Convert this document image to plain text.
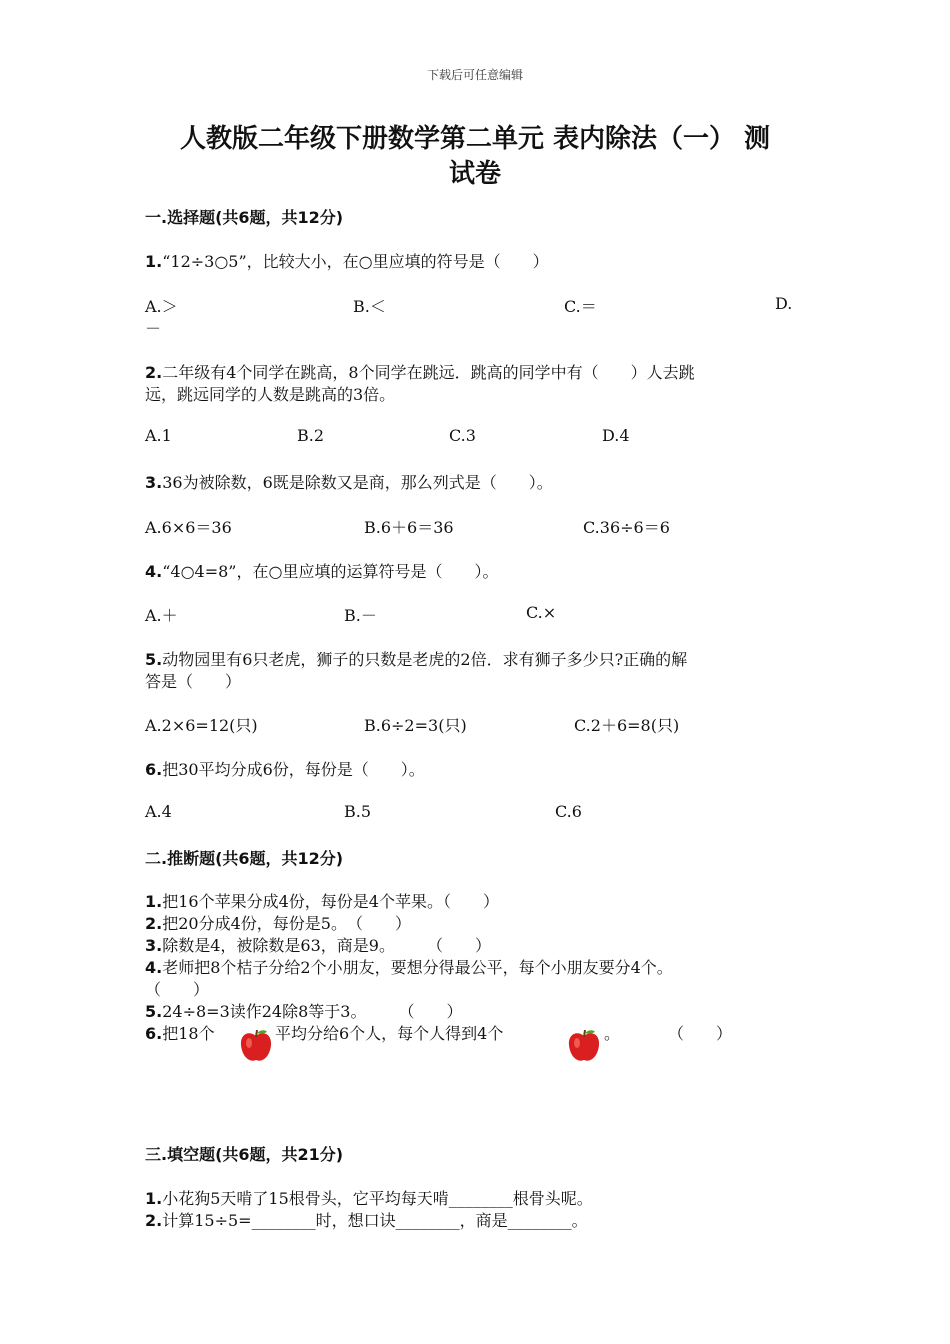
下载后可任意编辑
人教版二年级下册数学第二单元 表内除法（一） 测
试卷
一.选择题(共6题，共12分)
1.“12÷3○5”，比较大小，在○里应填的符号是（　　）
A.＞	B.＜	C.＝	D.
－
2.二年级有4个同学在跳高，8个同学在跳远．跳高的同学中有（　　）人去跳
远，跳远同学的人数是跳高的3倍。
A.1	B.2	C.3	D.4
3.36为被除数，6既是除数又是商，那么列式是（　　）。
A.6×6＝36	B.6＋6＝36	C.36÷6＝6
4.“4○4=8”，在○里应填的运算符号是（　　）。
A.＋	B.－	C.×
5.动物园里有6只老虎，狮子的只数是老虎的2倍．求有狮子多少只?正确的解
答是（　　）
A.2×6=12(只)	B.6÷2=3(只)	C.2＋6=8(只)
6.把30平均分成6份，每份是（　　）。
A.4	B.5	C.6
二.推断题(共6题，共12分)
1.把16个苹果分成4份，每份是4个苹果。（　　）
2.把20分成4份，每份是5。　（　　）
3.除数是4，被除数是63，商是9。　　　（　　）
4.老师把8个桔子分给2个小朋友，要想分得最公平，每个小朋友要分4个。
（　　）
5.24÷8=3读作24除8等于3。　　　（　　）
6.把18个	平均分给6个人，每个人得到4个	。	（　　）
三.填空题(共6题，共21分)
1.小花狗5天啃了15根骨头，它平均每天啃________根骨头呢。
2.计算15÷5=________时，想口诀________，商是________。
